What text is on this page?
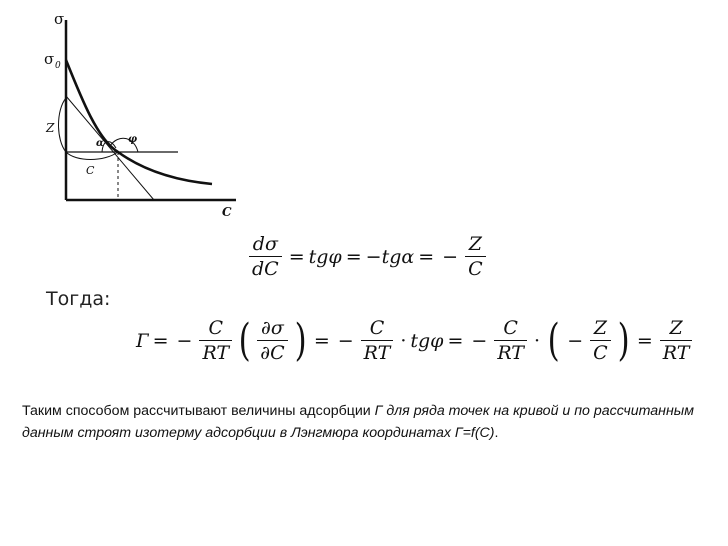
σ
σ 0
Z
α φ
C
C
$\frac{d\sigma}{dC} = tg\varphi = -tg\alpha$ = − $\frac{Z}{C}$
Тогда:
Г = − $\frac{C}{RT}$ ( $\frac{\partial\sigma}{\partial C}$ ) = − $\frac{C}{RT} \cdot tg\varphi$ = − $\frac{C}{RT}$ · ( − $\frac{Z}{C}$ ) = $\frac{Z}{RT}$
Таким способом рассчитывают величины адсорбции Г для ряда точек на кривой и по рассчитанным данным строят изотерму адсорбции в Лэнгмюра координатах Г=f(С).
